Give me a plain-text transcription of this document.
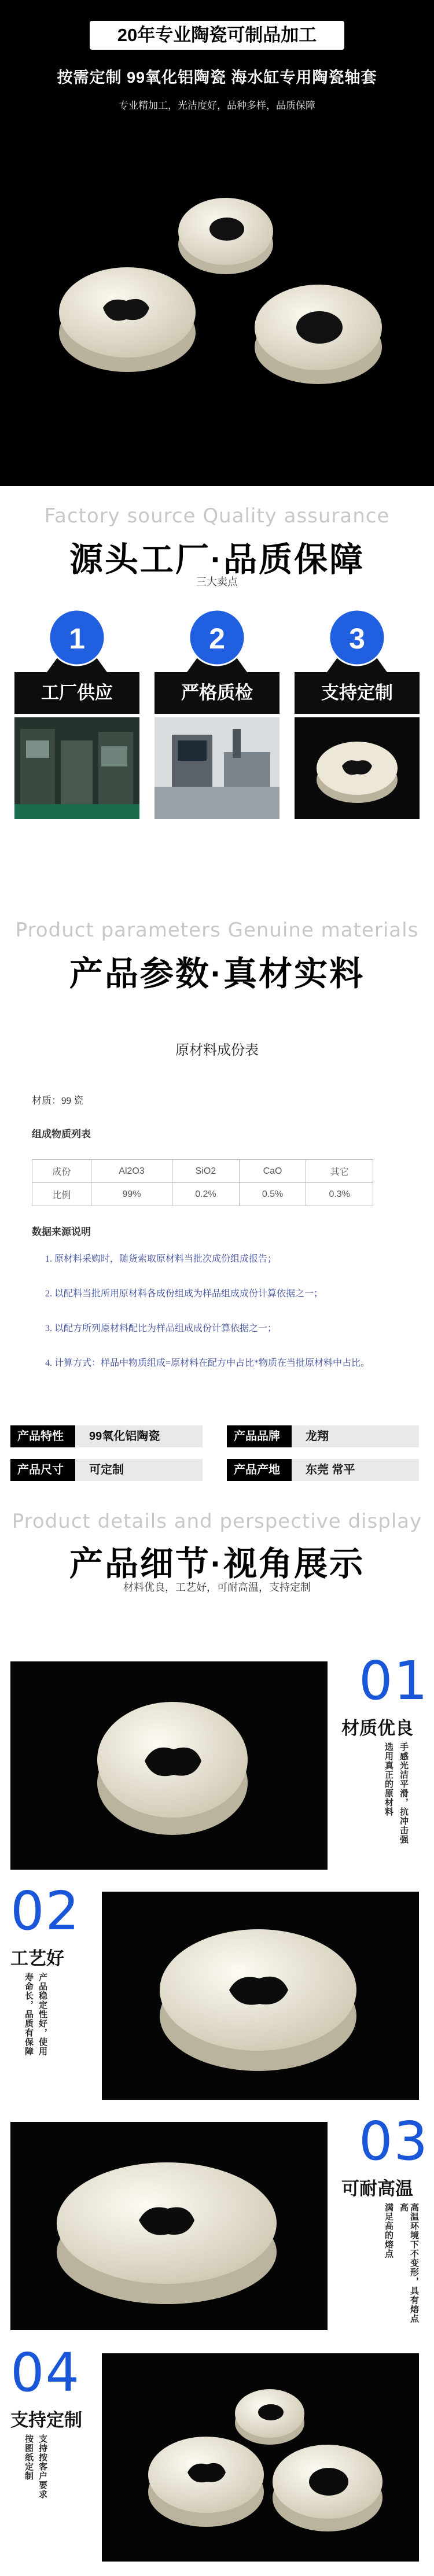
20年专业陶瓷可制品加工
按需定制 99氧化铝陶瓷 海水缸专用陶瓷轴套
专业精加工，光洁度好，品种多样，品质保障
Factory source Quality assurance
源头工厂·品质保障
三大卖点
1
工厂供应
2
严格质检
3
支持定制
Product parameters Genuine materials
产品参数·真材实料
原材料成份表
材质：99 瓷
组成物质列表
成份	Al2O3	SiO2	CaO	其它
比例	99%	0.2%	0.5%	0.3%
数据来源说明
1. 原材料采购时，随货索取原材料当批次成份组成报告；
2. 以配料当批所用原材料各成份组成为样品组成成份计算依据之一；
3. 以配方所列原材料配比为样品组成成份计算依据之一；
4. 计算方式：样品中物质组成=原材料在配方中占比*物质在当批原材料中占比。
产品特性	99氧化铝陶瓷	产品品牌	龙翔
产品尺寸	可定制	产品产地	东莞 常平
Product details and perspective display
产品细节·视角展示
材料优良，工艺好，可耐高温，支持定制
01
材质优良
手感光洁平滑，抗冲击强
选用真正的原材料
02
工艺好
产品稳定性好，使用
寿命长，品质有保障
03
可耐高温
高温环境下不变形，具有熔点高
满足高的熔点
04
支持定制
支持按客户要求
按图纸定制
